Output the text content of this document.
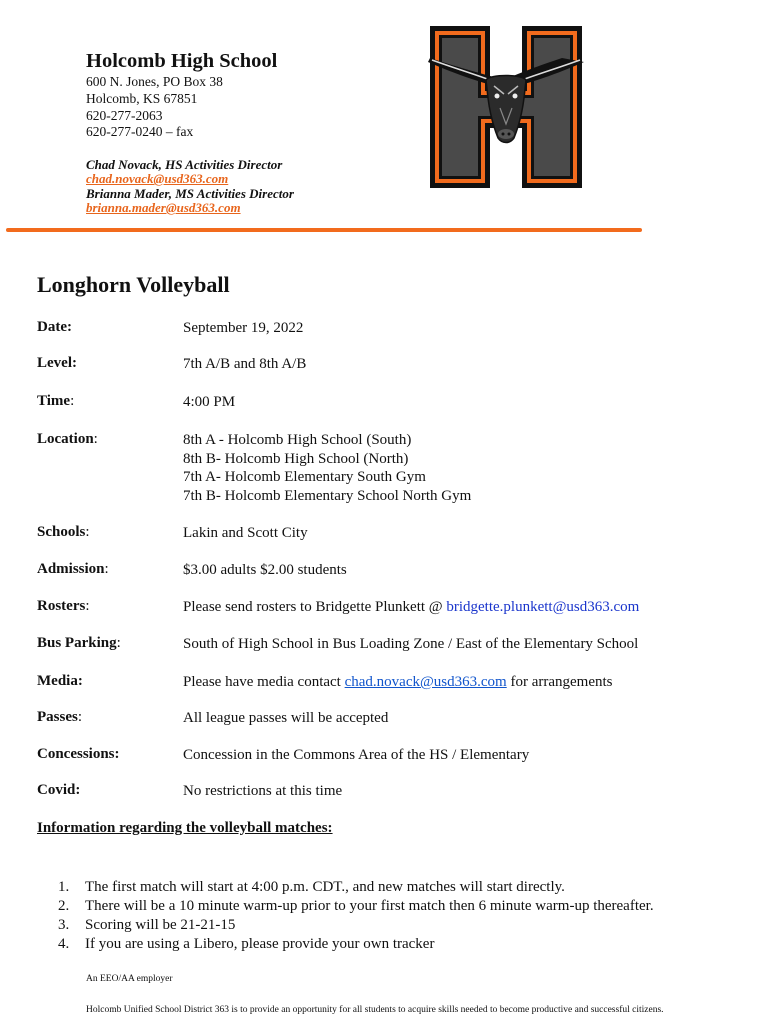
Holcomb High School
600 N. Jones, PO Box 38
Holcomb, KS 67851
620-277-2063
620-277-0240 – fax
Chad Novack, HS Activities Director
chad.novack@usd363.com
Brianna Mader, MS Activities Director
brianna.mader@usd363.com
Longhorn Volleyball
Date:	September 19, 2022
Level:	7th A/B and 8th A/B
Time:	4:00 PM
Location:	8th A - Holcomb High School (South)
8th B- Holcomb High School (North)
7th A- Holcomb Elementary South Gym
7th B- Holcomb Elementary School North Gym
Schools:	Lakin and Scott City
Admission:	$3.00 adults $2.00 students
Rosters:	Please send rosters to Bridgette Plunkett @ bridgette.plunkett@usd363.com
Bus Parking:	South of High School in Bus Loading Zone / East of the Elementary School
Media:	Please have media contact chad.novack@usd363.com for arrangements
Passes:	All league passes will be accepted
Concessions:	Concession in the Commons Area of the HS / Elementary
Covid:	No restrictions at this time
Information regarding the volleyball matches:
1.	The first match will start at 4:00 p.m. CDT., and new matches will start directly.
2.	There will be a 10 minute warm-up prior to your first match then 6 minute warm-up thereafter.
3.	Scoring will be 21-21-15
4.	If you are using a Libero, please provide your own tracker
An EEO/AA employer
Holcomb Unified School District 363 is to provide an opportunity for all students to acquire skills needed to become productive and successful citizens.
